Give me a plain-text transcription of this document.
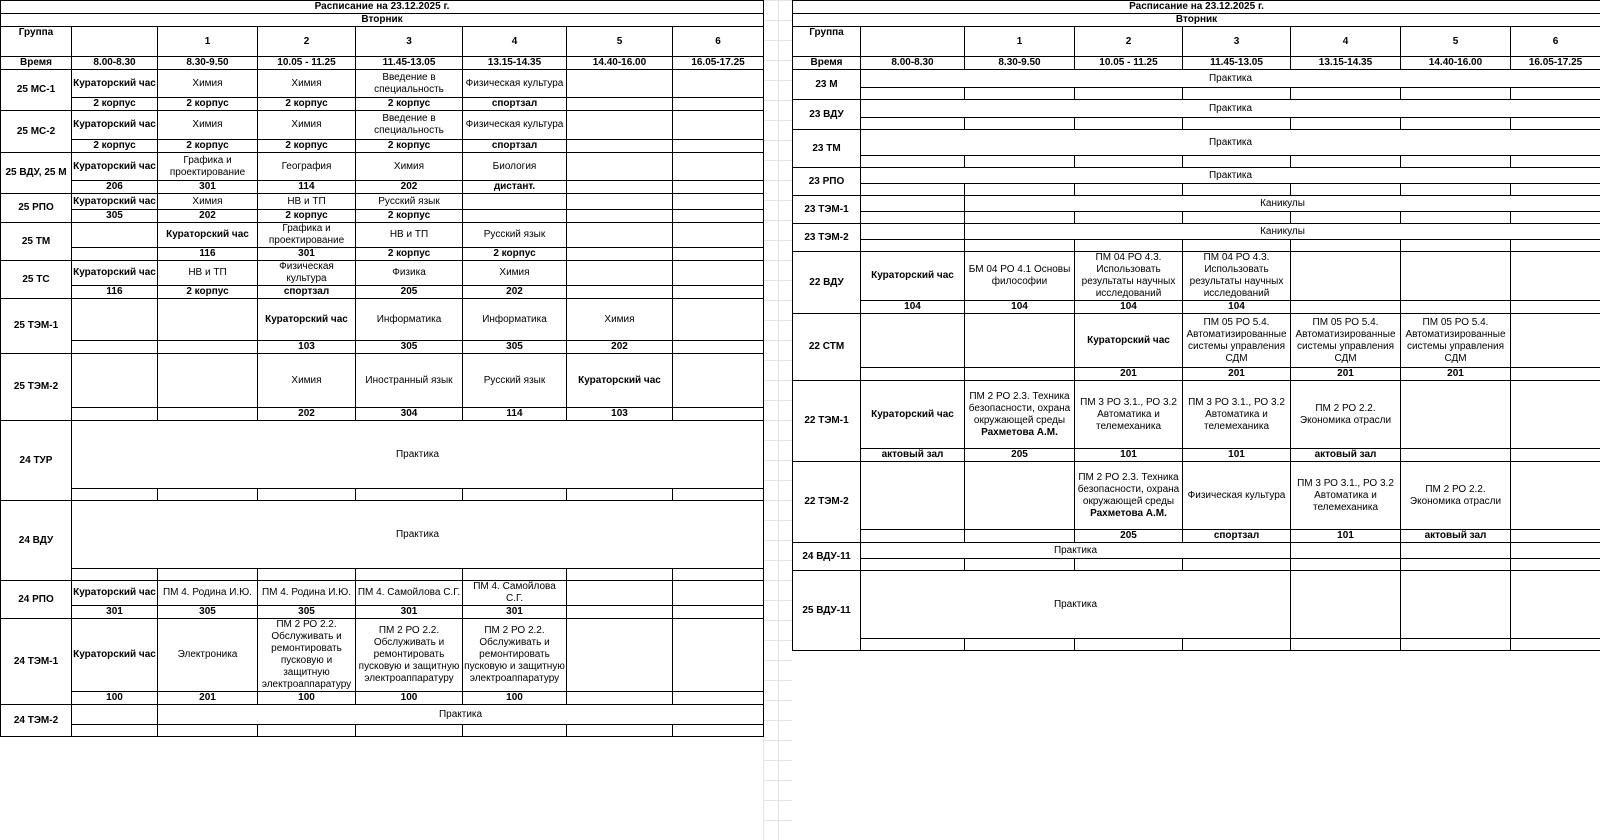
Расписание на 23.12.2025 г.							
Вторник							
Группа		1	2	3	4	5	6
Время	8.00-8.30	8.30-9.50	10.05 - 11.25	11.45-13.05	13.15-14.35	14.40-16.00	16.05-17.25
25 МС-1	Кураторский час	Химия	Химия	Введение в специальность	Физическая культура		
	2 корпус	2 корпус	2 корпус	2 корпус	спортзал		
25 МС-2	Кураторский час	Химия	Химия	Введение в специальность	Физическая культура		
	2 корпус	2 корпус	2 корпус	2 корпус	спортзал		
25 ВДУ, 25 М	Кураторский час	Графика и проектирование	География	Химия	Биология		
	206	301	114	202	дистант.		
25 РПО	Кураторский час	Химия	НВ и ТП	Русский язык			
	305	202	2 корпус	2 корпус			
25 ТМ		Кураторский час	Графика и проектирование	НВ и ТП	Русский язык		
		116	301	2 корпус	2 корпус		
25 ТС	Кураторский час	НВ и ТП	Физическая культура	Физика	Химия		
	116	2 корпус	спортзал	205	202		
25 ТЭМ-1			Кураторский час	Информатика	Информатика	Химия	
			103	305	305	202	
25 ТЭМ-2			Химия	Иностранный язык	Русский язык	Кураторский час	
			202	304	114	103	
24 ТУР	Практика						

24 ВДУ	Практика						

24 РПО	Кураторский час	ПМ 4. Родина И.Ю.	ПМ 4. Родина И.Ю.	ПМ 4. Самойлова С.Г.	ПМ 4. Самойлова С.Г.		
	301	305	305	301	301		
24 ТЭМ-1	Кураторский час	Электроника	ПМ 2 РО 2.2. Обслуживать и ремонтировать пусковую и защитную электроаппаратуру	ПМ 2 РО 2.2. Обслуживать и ремонтировать пусковую и защитную электроаппаратуру	ПМ 2 РО 2.2. Обслуживать и ремонтировать пусковую и защитную электроаппаратуру		
	100	201	100	100	100		
24 ТЭМ-2		Практика					

Расписание на 23.12.2025 г.							
Вторник							
Группа		1	2	3	4	5	6
Время	8.00-8.30	8.30-9.50	10.05 - 11.25	11.45-13.05	13.15-14.35	14.40-16.00	16.05-17.25
23 М	Практика						

23 ВДУ	Практика						

23 ТМ	Практика						

23 РПО	Практика						

23 ТЭМ-1		Каникулы					

23 ТЭМ-2		Каникулы					

22 ВДУ	Кураторский час	БМ 04 РО 4.1 Основы философии	ПМ 04 РО 4.3. Использовать результаты научных исследований	ПМ 04 РО 4.3. Использовать результаты научных исследований			
	104	104	104	104			
22 СТМ			Кураторский час	ПМ 05 РО 5.4. Автоматизированные системы управления СДМ	ПМ 05 РО 5.4. Автоматизированные системы управления СДМ	ПМ 05 РО 5.4. Автоматизированные системы управления СДМ	
			201	201	201	201	
22 ТЭМ-1	Кураторский час	ПМ 2 РО 2.3. Техника безопасности, охрана окружающей среды
Рахметова А.М.	ПМ 3 РО 3.1., РО 3.2 Автоматика и телемеханика	ПМ 3 РО 3.1., РО 3.2 Автоматика и телемеханика	ПМ 2 РО 2.2. Экономика отрасли		
	актовый зал	205	101	101	актовый зал		
22 ТЭМ-2			ПМ 2 РО 2.3. Техника безопасности, охрана окружающей среды
Рахметова А.М.	Физическая культура	ПМ 3 РО 3.1., РО 3.2 Автоматика и телемеханика	ПМ 2 РО 2.2. Экономика отрасли	
			205	спортзал	101	актовый зал	
24 ВДУ-11	Практика						

25 ВДУ-11	Практика						
